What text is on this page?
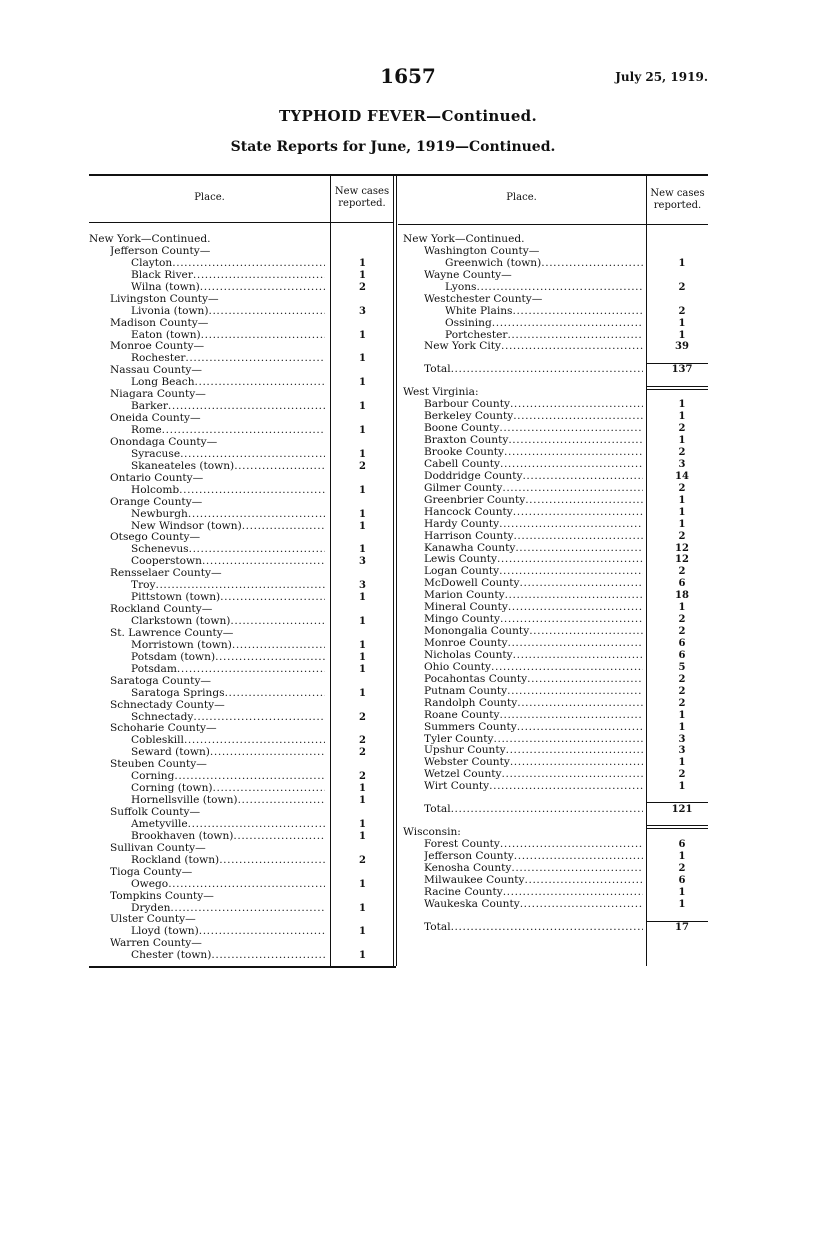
1657	July 25, 1919.
TYPHOID FEVER—Continued.
State Reports for June, 1919—Continued.
Place.
New cases
reported.
Place.	New cases
reported.
New York—Continued.
Jefferson County—
Clayton .....	1
Black River .....	1
Wilna (town) .....	2
Livingston County—
Livonia (town) .....	3
Madison County—
Eaton (town) .....	1
Monroe County—
Rochester .....	1
Nassau County—
Long Beach .....	1
Niagara County—
Barker .....	1
Oneida County—
Rome .....	1
Onondaga County—
Syracuse .....	1
Skaneateles (town) .....	2
Ontario County—
Holcomb .....	1
Orange County—
Newburgh .....	1
New Windsor (town) .....	1
Otsego County—
Schenevus .....	1
Cooperstown .....	3
Rensselaer County—
Troy .....	3
Pittstown (town) .....	1
Rockland County—
Clarkstown (town) .....	1
St. Lawrence County—
Morristown (town) .....	1
Potsdam (town) .....	1
Potsdam .....	1
Saratoga County—
Saratoga Springs .....	1
Schnectady County—
Schnectady .....	2
Schoharie County—
Cobleskill .....	2
Seward (town) .....	2
Steuben County—
Corning .....	2
Corning (town) .....	1
Hornellsville (town) .....	1
Suffolk County—
Ametyville .....	1
Brookhaven (town) .....	1
Sullivan County—
Rockland (town) .....	2
Tioga County—
Owego .....	1
Tompkins County—
Dryden .....	1
Ulster County—
Lloyd (town) .....	1
Warren County—
Chester (town) .....	1
New York—Continued.
Washington County—
Greenwich (town) .....	1
Wayne County—
Lyons .....	2
Westchester County—
White Plains .....	2
Ossining .....	1
Portchester .....	1
New York City .....	39
Total .....	137
West Virginia:
Barbour County .....	1
Berkeley County .....	1
Boone County .....	2
Braxton County .....	1
Brooke County .....	2
Cabell County .....	3
Doddridge County .....	14
Gilmer County .....	2
Greenbrier County .....	1
Hancock County .....	1
Hardy County .....	1
Harrison County .....	2
Kanawha County .....	12
Lewis County .....	12
Logan County .....	2
McDowell County .....	6
Marion County .....	18
Mineral County .....	1
Mingo County .....	2
Monongalia County .....	2
Monroe County .....	6
Nicholas County .....	6
Ohio County .....	5
Pocahontas County .....	2
Putnam County .....	2
Randolph County .....	2
Roane County .....	1
Summers County .....	1
Tyler County .....	3
Upshur County .....	3
Webster County .....	1
Wetzel County .....	2
Wirt County .....	1
Total .....	121
Wisconsin:
Forest County .....	6
Jefferson County .....	1
Kenosha County .....	2
Milwaukee County .....	6
Racine County .....	1
Waukeska County .....	1
Total .....	17
